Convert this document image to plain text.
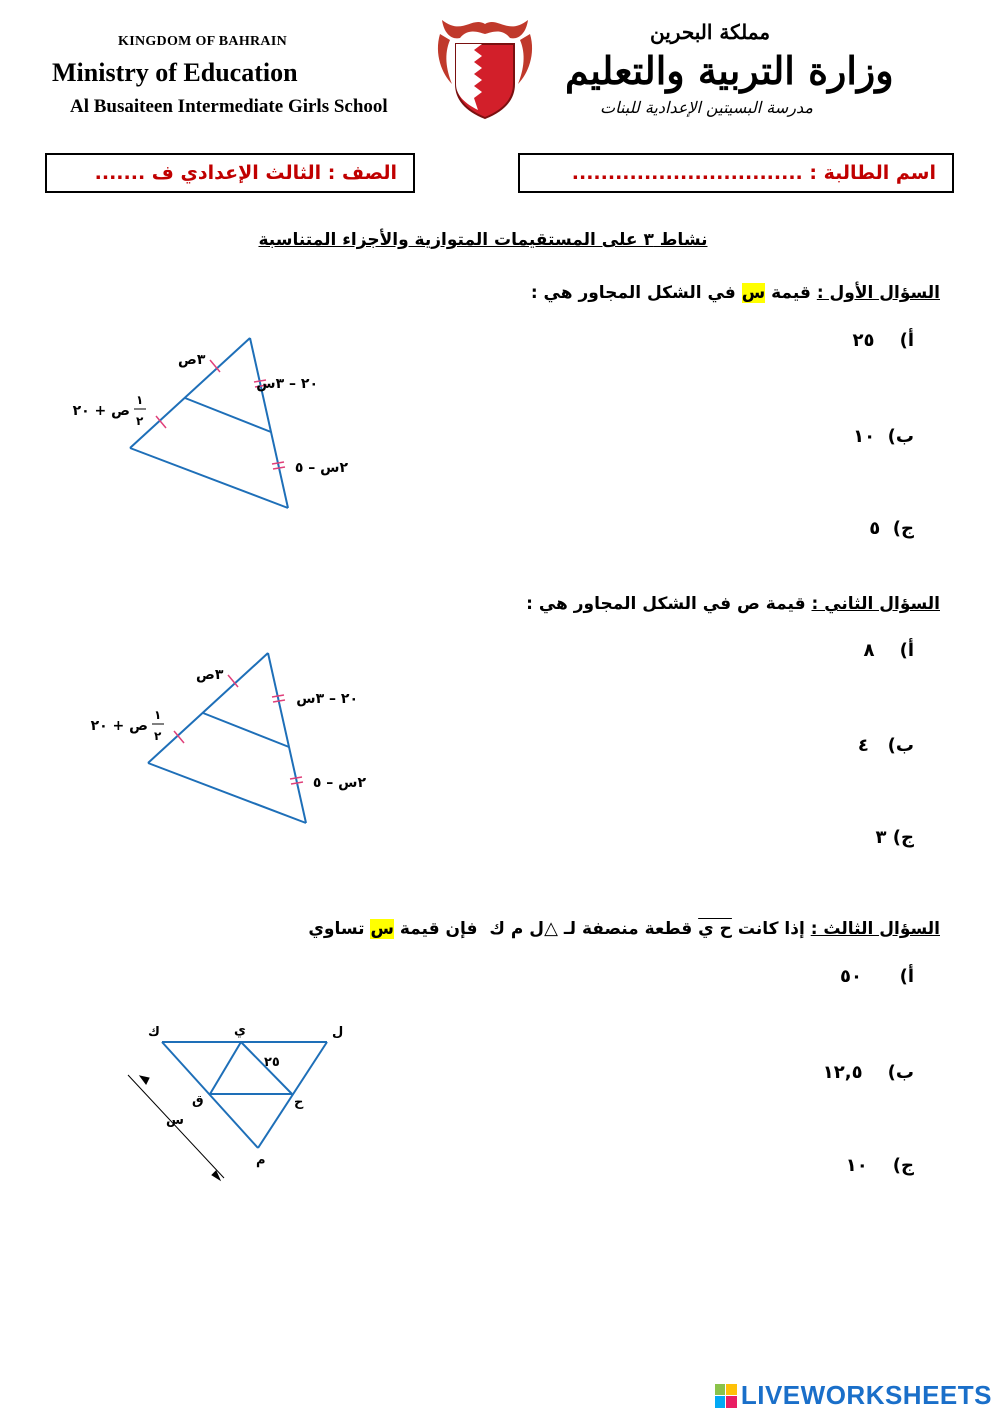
KINGDOM OF BAHRAIN
Ministry of Education
Al Busaiteen Intermediate Girls School
مملكة البحرين
وزارة التربية والتعليم
مدرسة البسيتين الإعدادية للبنات
الصف : الثالث الإعدادي ف .......	اسم الطالبة : ................................
نشاط ٣ على المستقيمات المتوازية والأجزاء المتناسبة
السؤال الأول : قيمة س في الشكل المجاور هي :
أ)    ٢٥
ب)  ١٠
ج)  ٥
٣ص
٢٠ – ٣س
٢س – ٥
١
٢
ص + ٢٠
السؤال الثاني : قيمة ص في الشكل المجاور هي :
أ)    ٨
ب)   ٤
ج) ٣
٣ص
٢٠ – ٣س
٢س – ٥
١
٢
ص + ٢٠
السؤال الثالث : إذا كانت ح ي قطعة منصفة لـ △ل م ك  فإن قيمة س تساوي
أ)      ٥٠
ب)    ١٢,٥
ج)    ١٠
ك	ي	ل
ق	ح
م
س
٢٥
LIVEWORKSHEETS
